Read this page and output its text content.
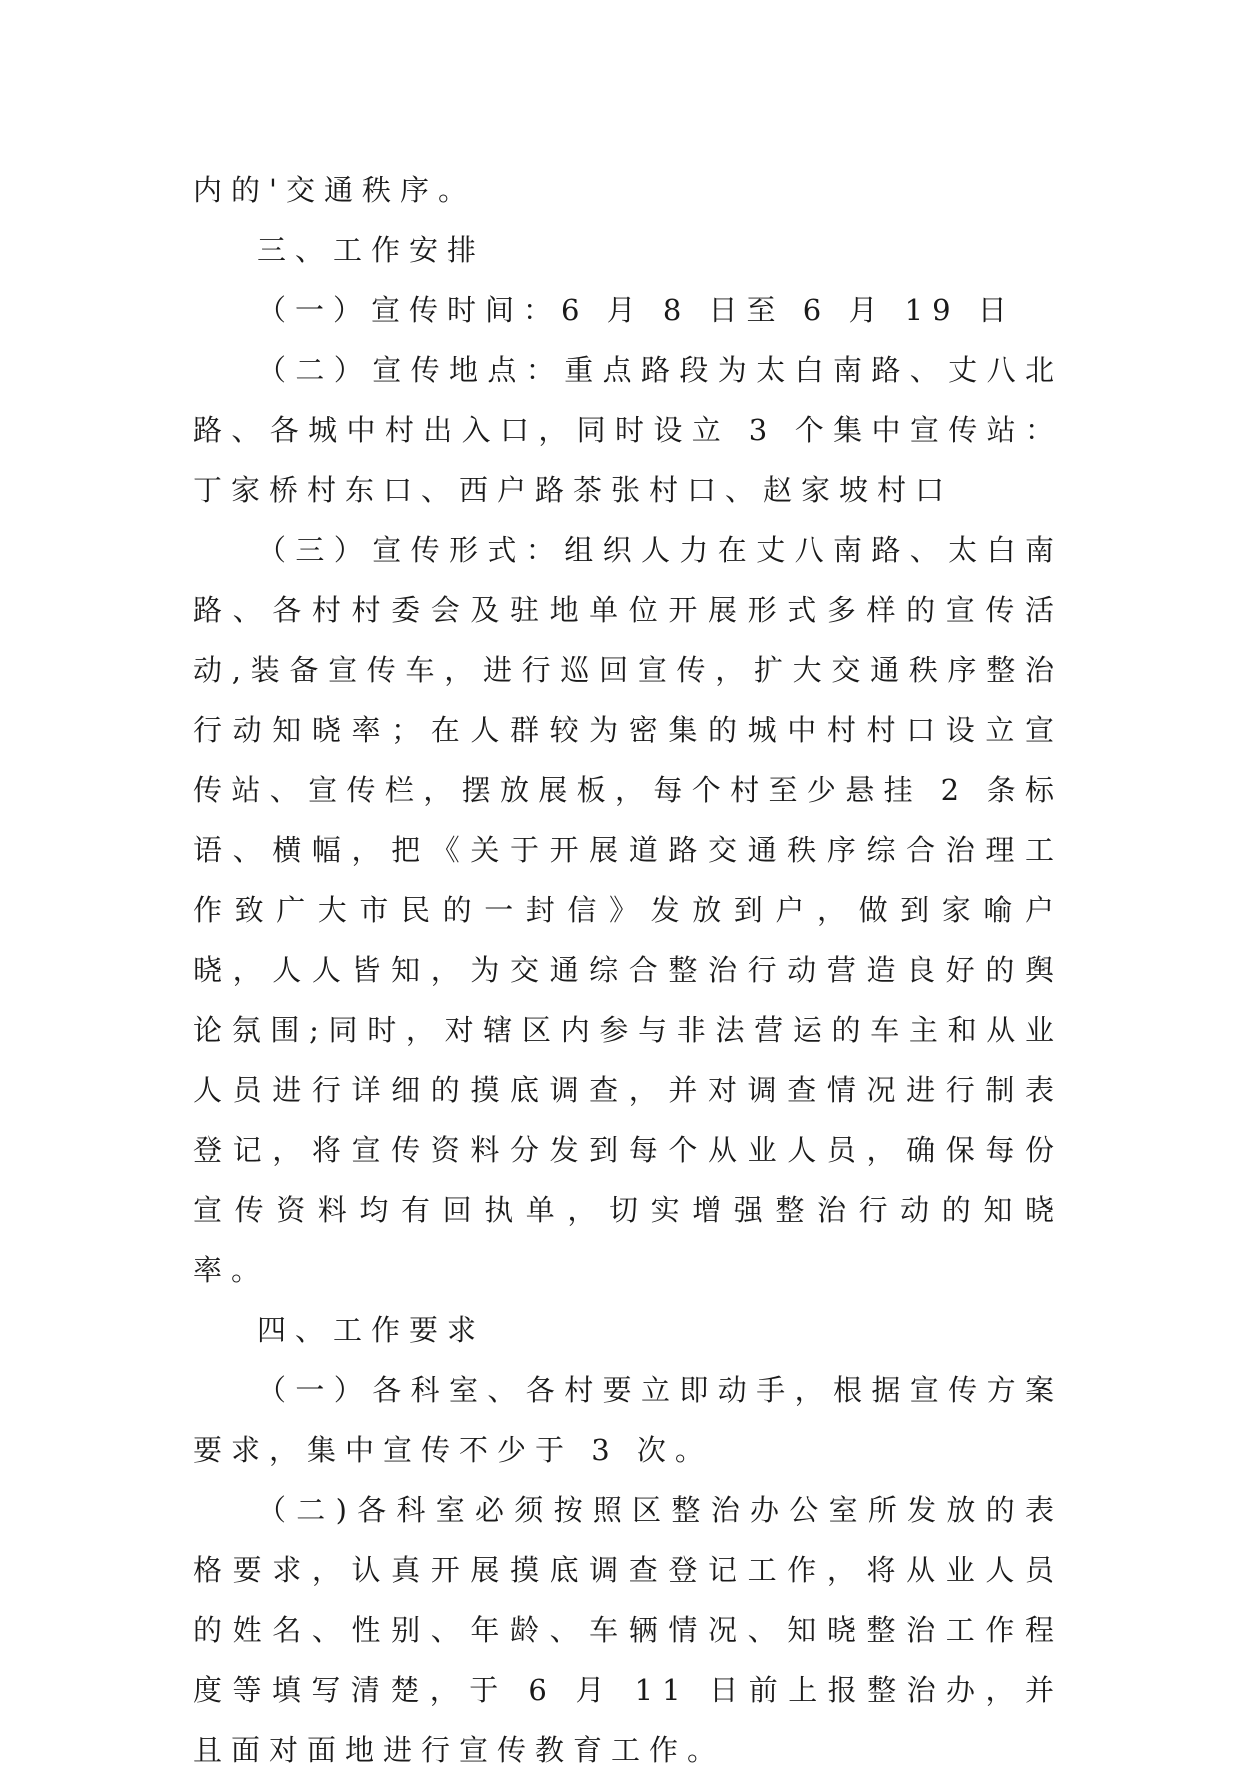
内的'交通秩序。

三、工作安排

（一）宣传时间：6 月 8 日至 6 月 19 日

（二）宣传地点：重点路段为太白南路、丈八北路、各城中村出入口，同时设立 3 个集中宣传站：丁家桥村东口、西户路茶张村口、赵家坡村口

（三）宣传形式：组织人力在丈八南路、太白南路、各村村委会及驻地单位开展形式多样的宣传活动,装备宣传车，进行巡回宣传，扩大交通秩序整治行动知晓率；在人群较为密集的城中村村口设立宣传站、宣传栏，摆放展板，每个村至少悬挂 2 条标语、横幅，把《关于开展道路交通秩序综合治理工作致广大市民的一封信》发放到户，做到家喻户晓，人人皆知，为交通综合整治行动营造良好的舆论氛围;同时，对辖区内参与非法营运的车主和从业人员进行详细的摸底调查，并对调查情况进行制表登记，将宣传资料分发到每个从业人员，确保每份宣传资料均有回执单，切实增强整治行动的知晓率。

四、工作要求

（一）各科室、各村要立即动手，根据宣传方案要求，集中宣传不少于 3 次。

（二)各科室必须按照区整治办公室所发放的表格要求，认真开展摸底调查登记工作，将从业人员的姓名、性别、年龄、车辆情况、知晓整治工作程度等填写清楚，于 6 月 11 日前上报整治办，并且面对面地进行宣传教育工作。
